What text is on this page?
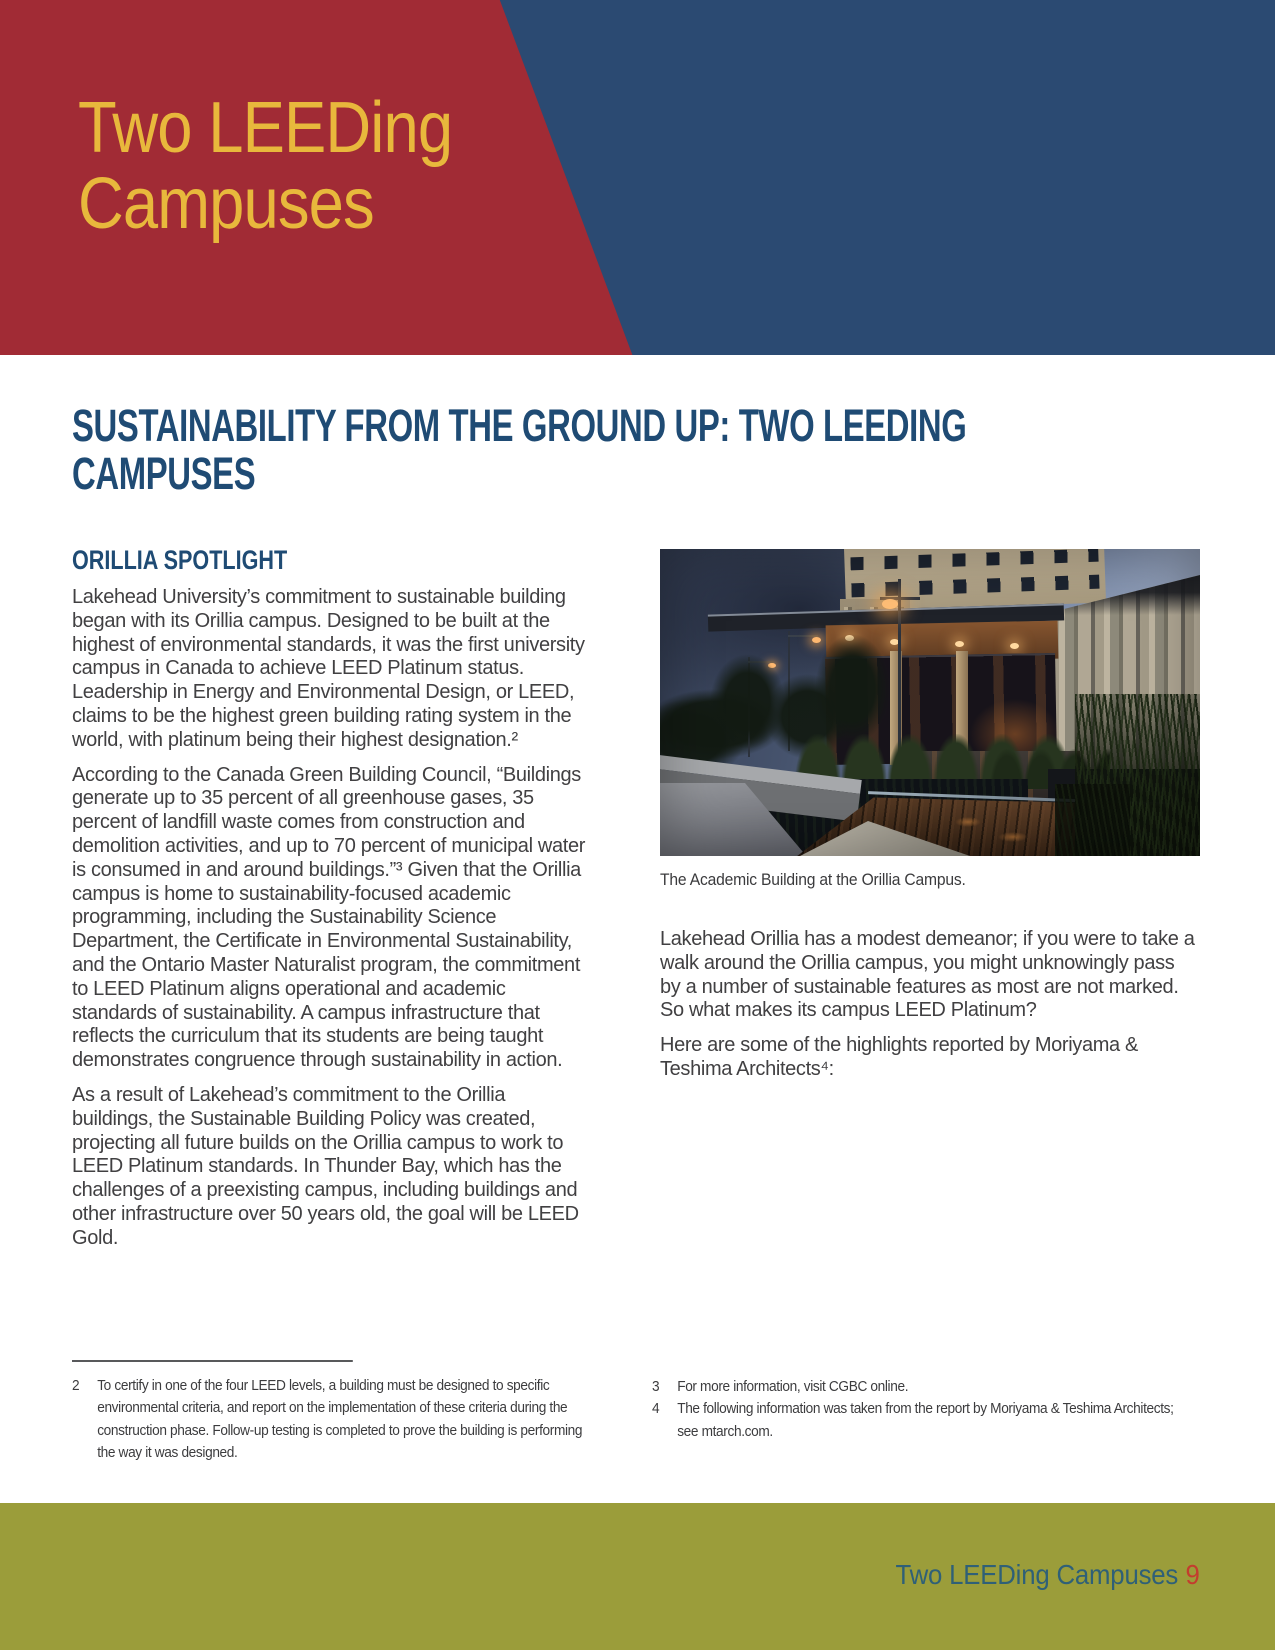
Two LEEDing
Campuses
SUSTAINABILITY FROM THE GROUND UP: TWO LEEDING
CAMPUSES
ORILLIA SPOTLIGHT

Lakehead University’s commitment to sustainable building began with its Orillia campus. Designed to be built at the highest of environmental standards, it was the first university campus in Canada to achieve LEED Platinum status. Leadership in Energy and Environmental Design, or LEED, claims to be the highest green building rating system in the world, with platinum being their highest designation.²

According to the Canada Green Building Council, “Buildings generate up to 35 percent of all greenhouse gases, 35 percent of landfill waste comes from construction and demolition activities, and up to 70 percent of municipal water is consumed in and around buildings.”³ Given that the Orillia campus is home to sustainability-focused academic programming, including the Sustainability Science Department, the Certificate in Environmental Sustainability, and the Ontario Master Naturalist program, the commitment to LEED Platinum aligns operational and academic standards of sustainability. A campus infrastructure that reflects the curriculum that its students are being taught demonstrates congruence through sustainability in action.

As a result of Lakehead’s commitment to the Orillia buildings, the Sustainable Building Policy was created, projecting all future builds on the Orillia campus to work to LEED Platinum standards. In Thunder Bay, which has the challenges of a preexisting campus, including buildings and other infrastructure over 50 years old, the goal will be LEED Gold.

The Academic Building at the Orillia Campus.

Lakehead Orillia has a modest demeanor; if you were to take a walk around the Orillia campus, you might unknowingly pass by a number of sustainable features as most are not marked. So what makes its campus LEED Platinum?

Here are some of the highlights reported by Moriyama & Teshima Architects⁴:

2	To certify in one of the four LEED levels, a building must be designed to specific environmental criteria, and report on the implementation of these criteria during the construction phase. Follow-up testing is completed to prove the building is performing the way it was designed.
3	For more information, visit CGBC online.
4	The following information was taken from the report by Moriyama & Teshima Architects; see mtarch.com.
Two LEEDing Campuses 9
